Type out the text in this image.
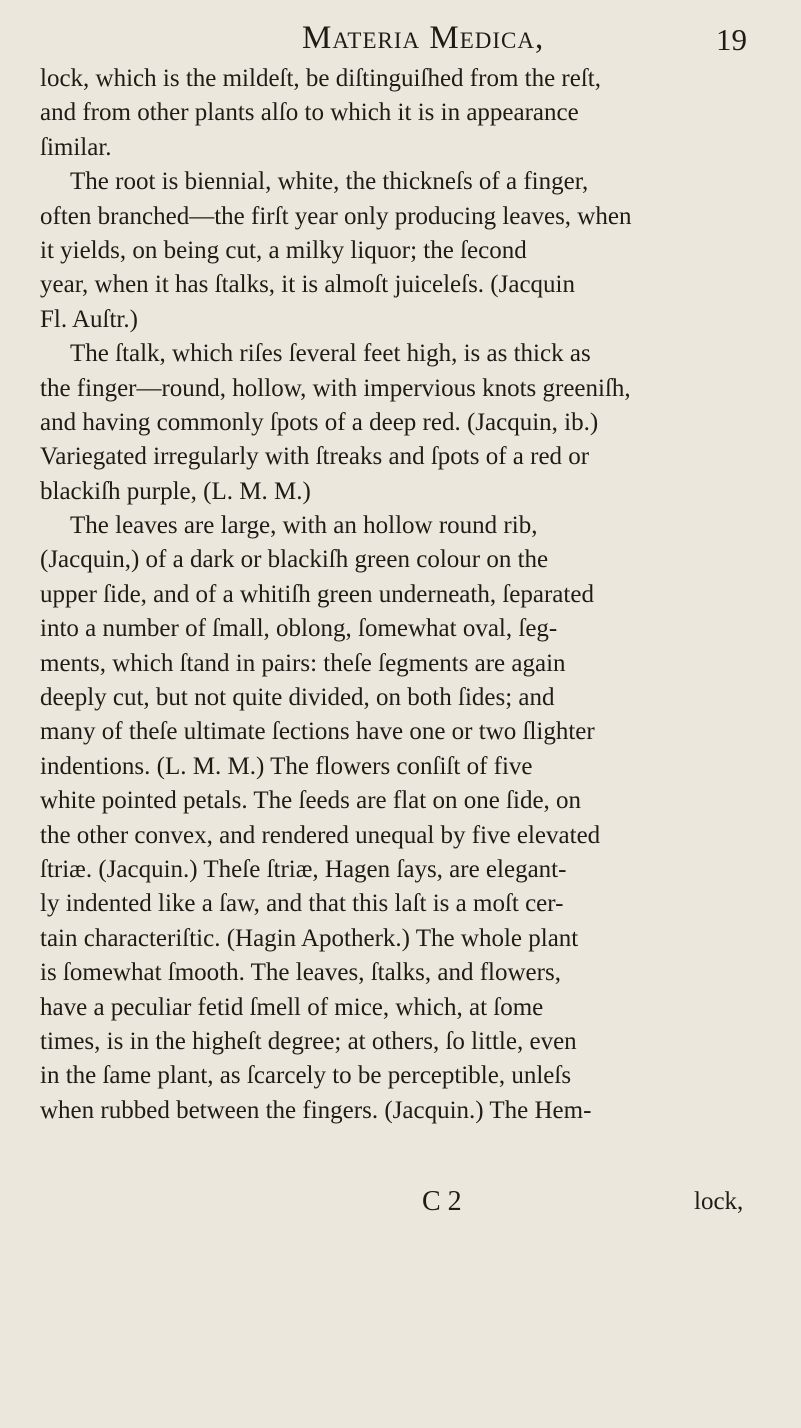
Materia Medica,	19
lock, which is the mildeſt, be diſtinguiſhed from the reſt,
and from other plants alſo to which it is in appearance
ſimilar.
The root is biennial, white, the thickneſs of a finger,
often branched—the firſt year only producing leaves, when
it yields, on being cut, a milky liquor; the ſecond
year, when it has ſtalks, it is almoſt juiceleſs. (Jacquin
Fl. Auſtr.)
The ſtalk, which riſes ſeveral feet high, is as thick as
the finger—round, hollow, with impervious knots greeniſh,
and having commonly ſpots of a deep red. (Jacquin, ib.)
Variegated irregularly with ſtreaks and ſpots of a red or
blackiſh purple, (L. M. M.)
The leaves are large, with an hollow round rib,
(Jacquin,) of a dark or blackiſh green colour on the
upper ſide, and of a whitiſh green underneath, ſeparated
into a number of ſmall, oblong, ſomewhat oval, ſeg-
ments, which ſtand in pairs: theſe ſegments are again
deeply cut, but not quite divided, on both ſides; and
many of theſe ultimate ſections have one or two ſlighter
indentions. (L. M. M.) The flowers conſiſt of five
white pointed petals. The ſeeds are flat on one ſide, on
the other convex, and rendered unequal by five elevated
ſtriæ. (Jacquin.) Theſe ſtriæ, Hagen ſays, are elegant-
ly indented like a ſaw, and that this laſt is a moſt cer-
tain characteriſtic. (Hagin Apotherk.) The whole plant
is ſomewhat ſmooth. The leaves, ſtalks, and flowers,
have a peculiar fetid ſmell of mice, which, at ſome
times, is in the higheſt degree; at others, ſo little, even
in the ſame plant, as ſcarcely to be perceptible, unleſs
when rubbed between the fingers. (Jacquin.) The Hem-
C 2	lock,
